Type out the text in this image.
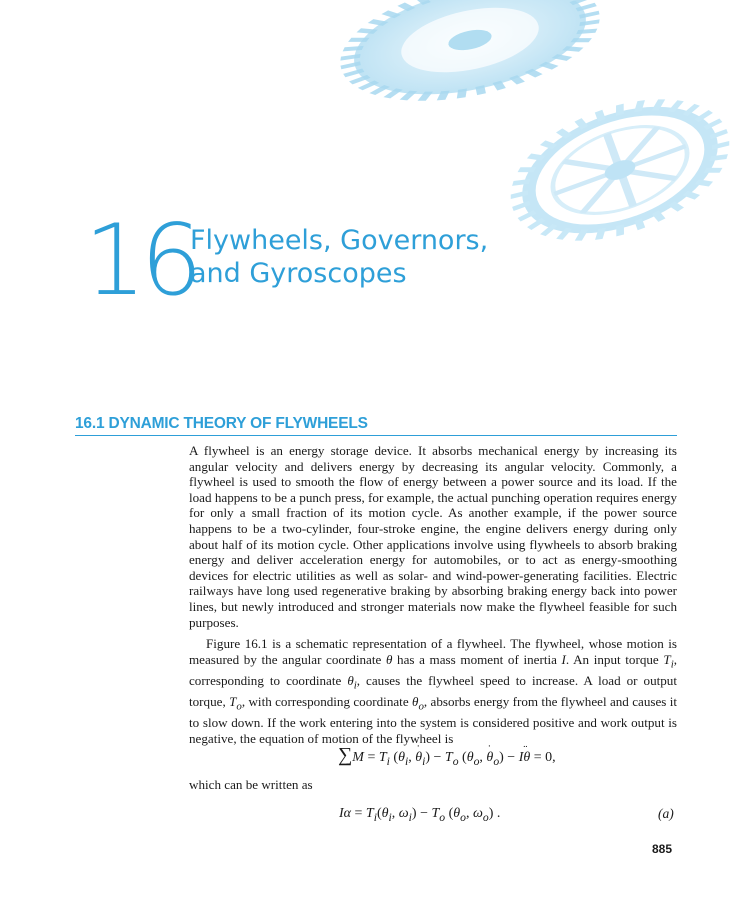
16
Flywheels, Governors,
and Gyroscopes
16.1 DYNAMIC THEORY OF FLYWHEELS

A flywheel is an energy storage device. It absorbs mechanical energy by increasing its angular velocity and delivers energy by decreasing its angular velocity. Commonly, a flywheel is used to smooth the flow of energy between a power source and its load. If the load happens to be a punch press, for example, the actual punching operation requires energy for only a small fraction of its motion cycle. As another example, if the power source happens to be a two-cylinder, four-stroke engine, the engine delivers energy during only about half of its motion cycle. Other applications involve using flywheels to absorb braking energy and deliver acceleration energy for automobiles, or to act as energy-smoothing devices for electric utilities as well as solar- and wind-power-generating facilities. Electric railways have long used regenerative braking by absorbing braking energy back into power lines, but newly introduced and stronger materials now make the flywheel feasible for such purposes.

Figure 16.1 is a schematic representation of a flywheel. The flywheel, whose motion is measured by the angular coordinate θ has a mass moment of inertia I. An input torque $T_i$, corresponding to coordinate $\theta_i$, causes the flywheel speed to increase. A load or output torque, $T_o$, with corresponding coordinate $\theta_o$, absorbs energy from the flywheel and causes it to slow down. If the work entering into the system is considered positive and work output is negative, the equation of motion of the flywheel is

$\sum M = T_i$ ($\theta_i$, ˙ $\theta_i) - T_o$ ($\theta_o$, ˙ $\theta_o$) − I¨ θ = 0,
which can be written as
$I\alpha = T_i(\theta_i$, $\omega_i) - T_o$ ($\theta_o$, $\omega_o$) .	(a)
885
